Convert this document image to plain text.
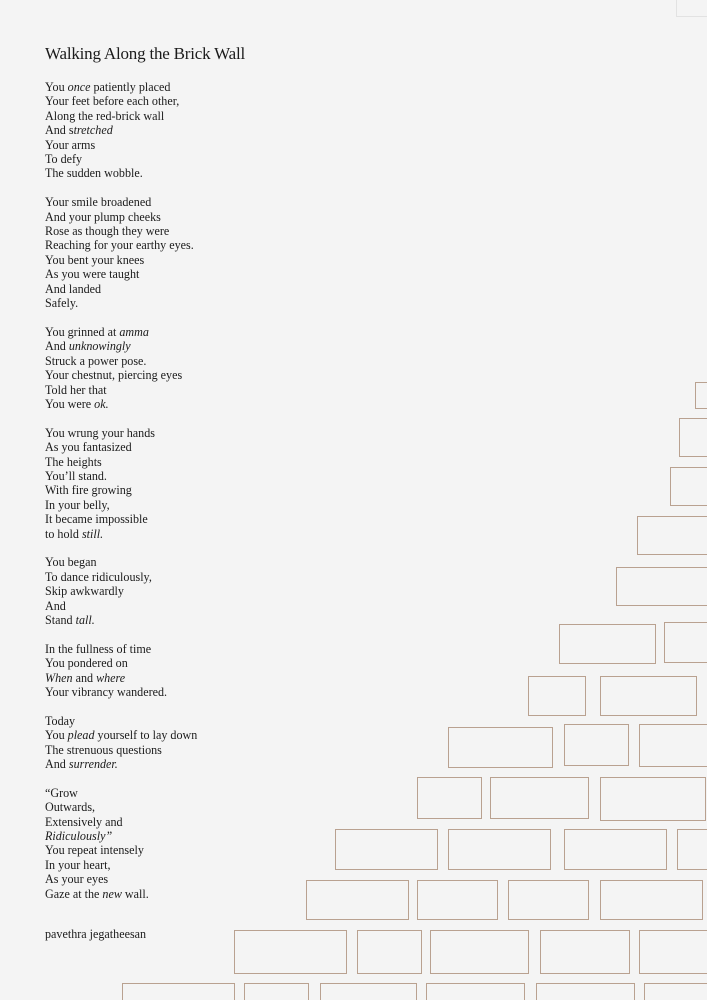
Walking Along the Brick Wall
You once patiently placed
Your feet before each other,
Along the red-brick wall
And stretched
Your arms
To defy
The sudden wobble.
Your smile broadened
And your plump cheeks
Rose as though they were
Reaching for your earthy eyes.
You bent your knees
As you were taught
And landed
Safely.
You grinned at amma
And unknowingly
Struck a power pose.
Your chestnut, piercing eyes
Told her that
You were ok.
You wrung your hands
As you fantasized
The heights
You’ll stand.
With fire growing
In your belly,
It became impossible
to hold still.
You began
To dance ridiculously,
Skip awkwardly
And
Stand tall.
In the fullness of time
You pondered on
When and where
Your vibrancy wandered.
Today
You plead yourself to lay down
The strenuous questions
And surrender.
“Grow
Outwards,
Extensively and
Ridiculously”
You repeat intensely
In your heart,
As your eyes
Gaze at the new wall.
pavethra jegatheesan
